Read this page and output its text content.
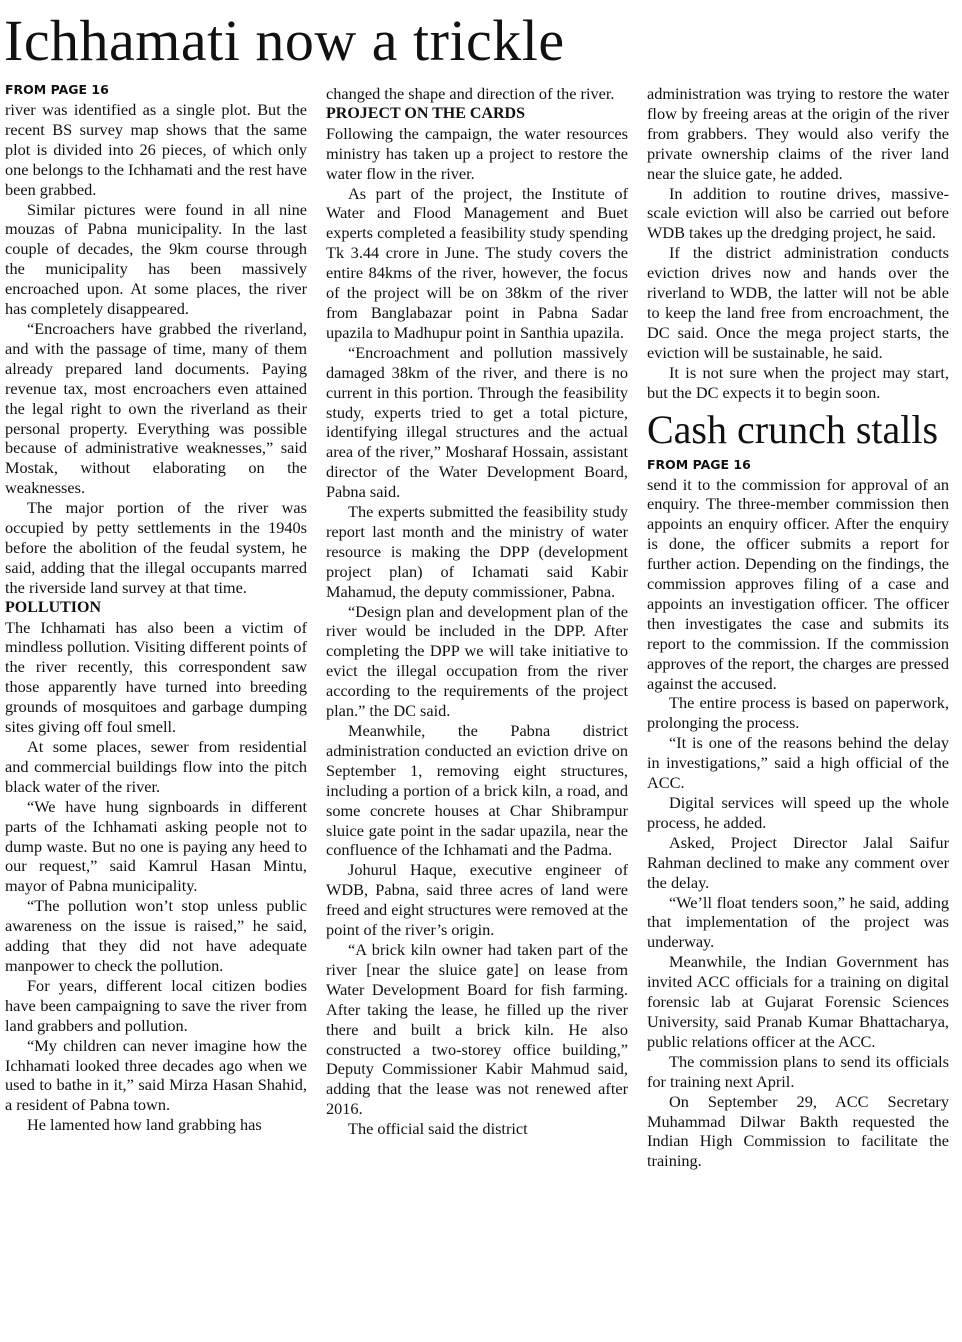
Ichhamati now a trickle
FROM PAGE 16

river was identified as a single plot. But the recent BS survey map shows that the same plot is divided into 26 pieces, of which only one belongs to the Ichhamati and the rest have been grabbed.

Similar pictures were found in all nine mouzas of Pabna municipality. In the last couple of decades, the 9km course through the municipality has been massively encroached upon. At some places, the river has completely disappeared.

“Encroachers have grabbed the riverland, and with the passage of time, many of them already prepared land documents. Paying revenue tax, most encroachers even attained the legal right to own the riverland as their personal property. Everything was possible because of administrative weaknesses,” said Mostak, without elaborating on the weaknesses.

The major portion of the river was occupied by petty settlements in the 1940s before the abolition of the feudal system, he said, adding that the illegal occupants marred the riverside land survey at that time.

POLLUTION

The Ichhamati has also been a victim of mindless pollution. Visiting different points of the river recently, this correspondent saw those apparently have turned into breeding grounds of mosquitoes and garbage dumping sites giving off foul smell.

At some places, sewer from residential and commercial buildings flow into the pitch black water of the river.

“We have hung signboards in different parts of the Ichhamati asking people not to dump waste. But no one is paying any heed to our request,” said Kamrul Hasan Mintu, mayor of Pabna municipality.

“The pollution won’t stop unless public awareness on the issue is raised,” he said, adding that they did not have adequate manpower to check the pollution.

For years, different local citizen bodies have been campaigning to save the river from land grabbers and pollution.

“My children can never imagine how the Ichhamati looked three decades ago when we used to bathe in it,” said Mirza Hasan Shahid, a resident of Pabna town.

He lamented how land grabbing has

changed the shape and direction of the river.

PROJECT ON THE CARDS

Following the campaign, the water resources ministry has taken up a project to restore the water flow in the river.

As part of the project, the Institute of Water and Flood Management and Buet experts completed a feasibility study spending Tk 3.44 crore in June. The study covers the entire 84kms of the river, however, the focus of the project will be on 38km of the river from Banglabazar point in Pabna Sadar upazila to Madhupur point in Santhia upazila.

“Encroachment and pollution massively damaged 38km of the river, and there is no current in this portion. Through the feasibility study, experts tried to get a total picture, identifying illegal structures and the actual area of the river,” Mosharaf Hossain, assistant director of the Water Development Board, Pabna said.

The experts submitted the feasibility study report last month and the ministry of water resource is making the DPP (development project plan) of Ichamati said Kabir Mahamud, the deputy commissioner, Pabna.

“Design plan and development plan of the river would be included in the DPP. After completing the DPP we will take initiative to evict the illegal occupation from the river according to the requirements of the project plan.” the DC said.

Meanwhile, the Pabna district administration conducted an eviction drive on September 1, removing eight structures, including a portion of a brick kiln, a road, and some concrete houses at Char Shibrampur sluice gate point in the sadar upazila, near the confluence of the Ichhamati and the Padma.

Johurul Haque, executive engineer of WDB, Pabna, said three acres of land were freed and eight structures were removed at the point of the river’s origin.

“A brick kiln owner had taken part of the river [near the sluice gate] on lease from Water Development Board for fish farming. After taking the lease, he filled up the river there and built a brick kiln. He also constructed a two-storey office building,” Deputy Commissioner Kabir Mahmud said, adding that the lease was not renewed after 2016.

The official said the district

administration was trying to restore the water flow by freeing areas at the origin of the river from grabbers. They would also verify the private ownership claims of the river land near the sluice gate, he added.

In addition to routine drives, massive-scale eviction will also be carried out before WDB takes up the dredging project, he said.

If the district administration conducts eviction drives now and hands over the riverland to WDB, the latter will not be able to keep the land free from encroachment, the DC said. Once the mega project starts, the eviction will be sustainable, he said.

It is not sure when the project may start, but the DC expects it to begin soon.

Cash crunch stalls
FROM PAGE 16

send it to the commission for approval of an enquiry. The three-member commission then appoints an enquiry officer. After the enquiry is done, the officer submits a report for further action. Depending on the findings, the commission approves filing of a case and appoints an investigation officer. The officer then investigates the case and submits its report to the commission. If the commission approves of the report, the charges are pressed against the accused.

The entire process is based on paperwork, prolonging the process.

“It is one of the reasons behind the delay in investigations,” said a high official of the ACC.

Digital services will speed up the whole process, he added.

Asked, Project Director Jalal Saifur Rahman declined to make any comment over the delay.

“We’ll float tenders soon,” he said, adding that implementation of the project was underway.

Meanwhile, the Indian Government has invited ACC officials for a training on digital forensic lab at Gujarat Forensic Sciences University, said Pranab Kumar Bhattacharya, public relations officer at the ACC.

The commission plans to send its officials for training next April.

On September 29, ACC Secretary Muhammad Dilwar Bakth requested the Indian High Commission to facilitate the training.
